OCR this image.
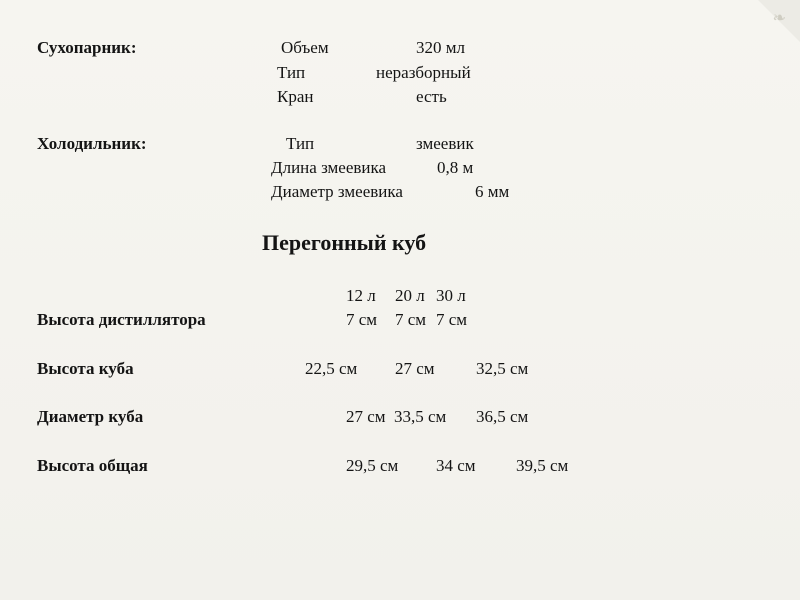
❧
Сухопарник:	Объем	320 мл
Тип	неразборный
Кран	есть
Холодильник:	Тип	змеевик
Длина змеевика	0,8 м
Диаметр змеевика	6 мм
Перегонный куб
12 л 20 л 30 л
Высота дистиллятора	7 см 7 см 7 см
Высота куба	22,5 см 27 см 32,5 см
Диаметр куба	27 см 33,5 см 36,5 см
Высота общая	29,5 см 34 см 39,5 см
